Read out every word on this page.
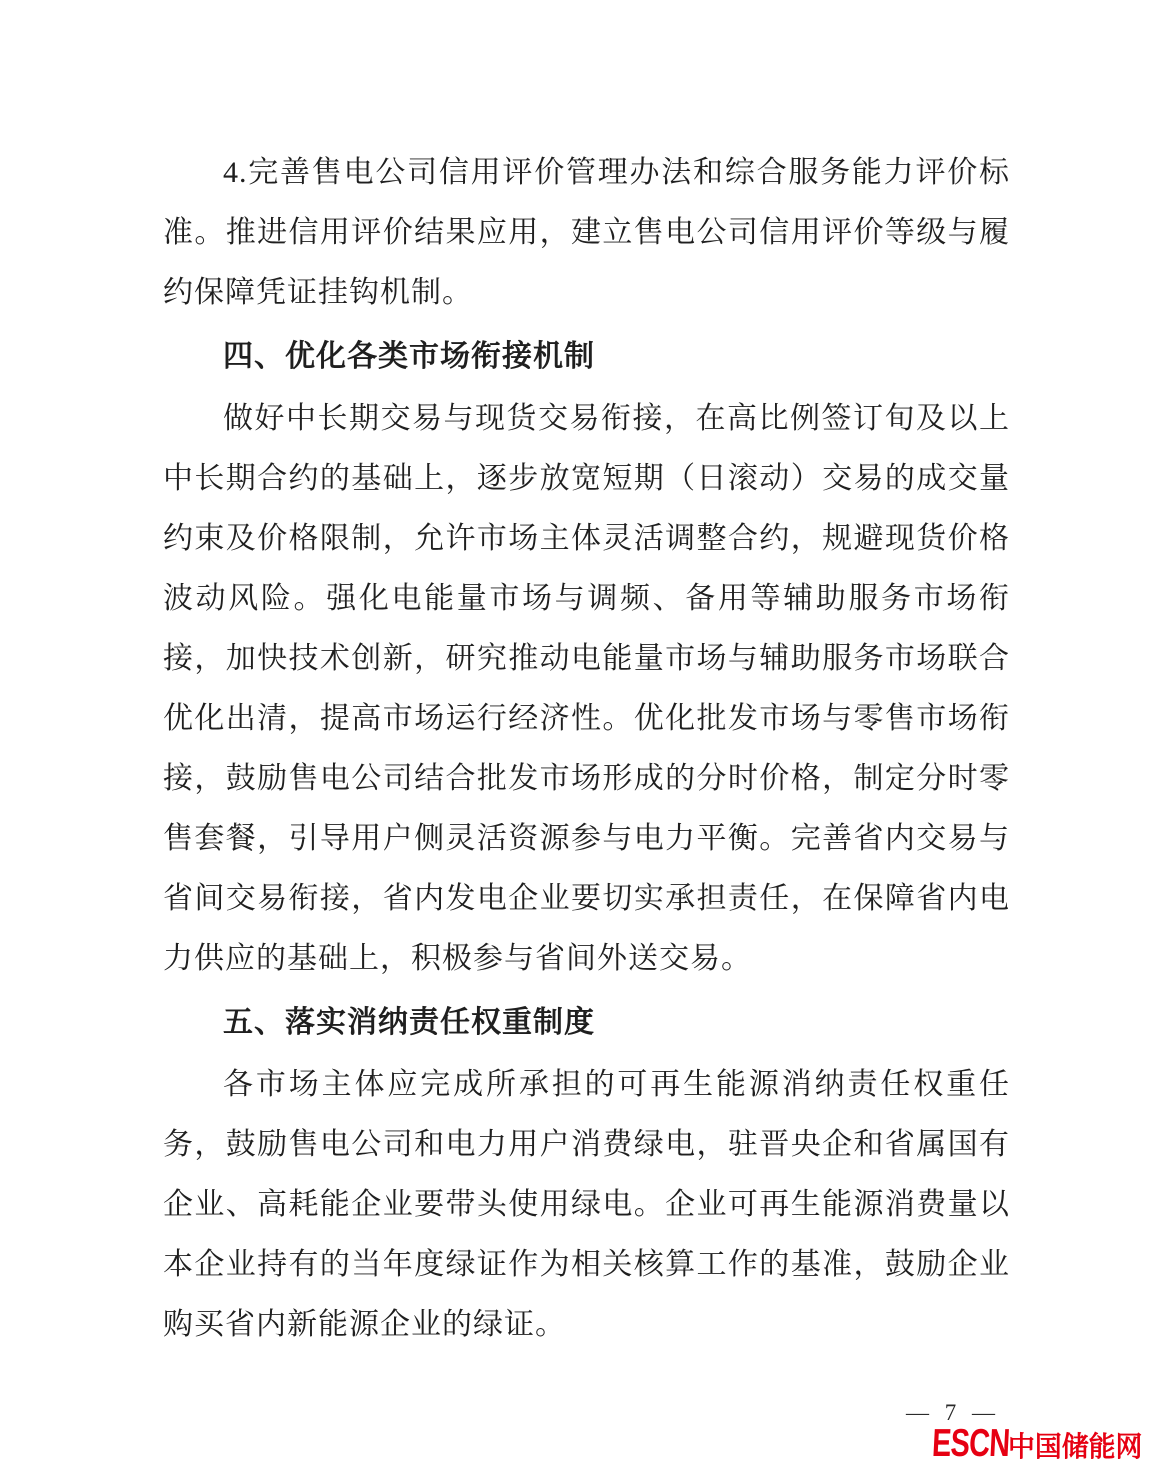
4.完善售电公司信用评价管理办法和综合服务能力评价标准。推进信用评价结果应用，建立售电公司信用评价等级与履约保障凭证挂钩机制。

四、优化各类市场衔接机制

做好中长期交易与现货交易衔接，在高比例签订旬及以上中长期合约的基础上，逐步放宽短期（日滚动）交易的成交量约束及价格限制，允许市场主体灵活调整合约，规避现货价格波动风险。强化电能量市场与调频、备用等辅助服务市场衔接，加快技术创新，研究推动电能量市场与辅助服务市场联合优化出清，提高市场运行经济性。优化批发市场与零售市场衔接，鼓励售电公司结合批发市场形成的分时价格，制定分时零售套餐，引导用户侧灵活资源参与电力平衡。完善省内交易与省间交易衔接，省内发电企业要切实承担责任，在保障省内电力供应的基础上，积极参与省间外送交易。

五、落实消纳责任权重制度

各市场主体应完成所承担的可再生能源消纳责任权重任务，鼓励售电公司和电力用户消费绿电，驻晋央企和省属国有企业、高耗能企业要带头使用绿电。企业可再生能源消费量以本企业持有的当年度绿证作为相关核算工作的基准，鼓励企业购买省内新能源企业的绿证。

— 7 —
ESCN
中国储能网
